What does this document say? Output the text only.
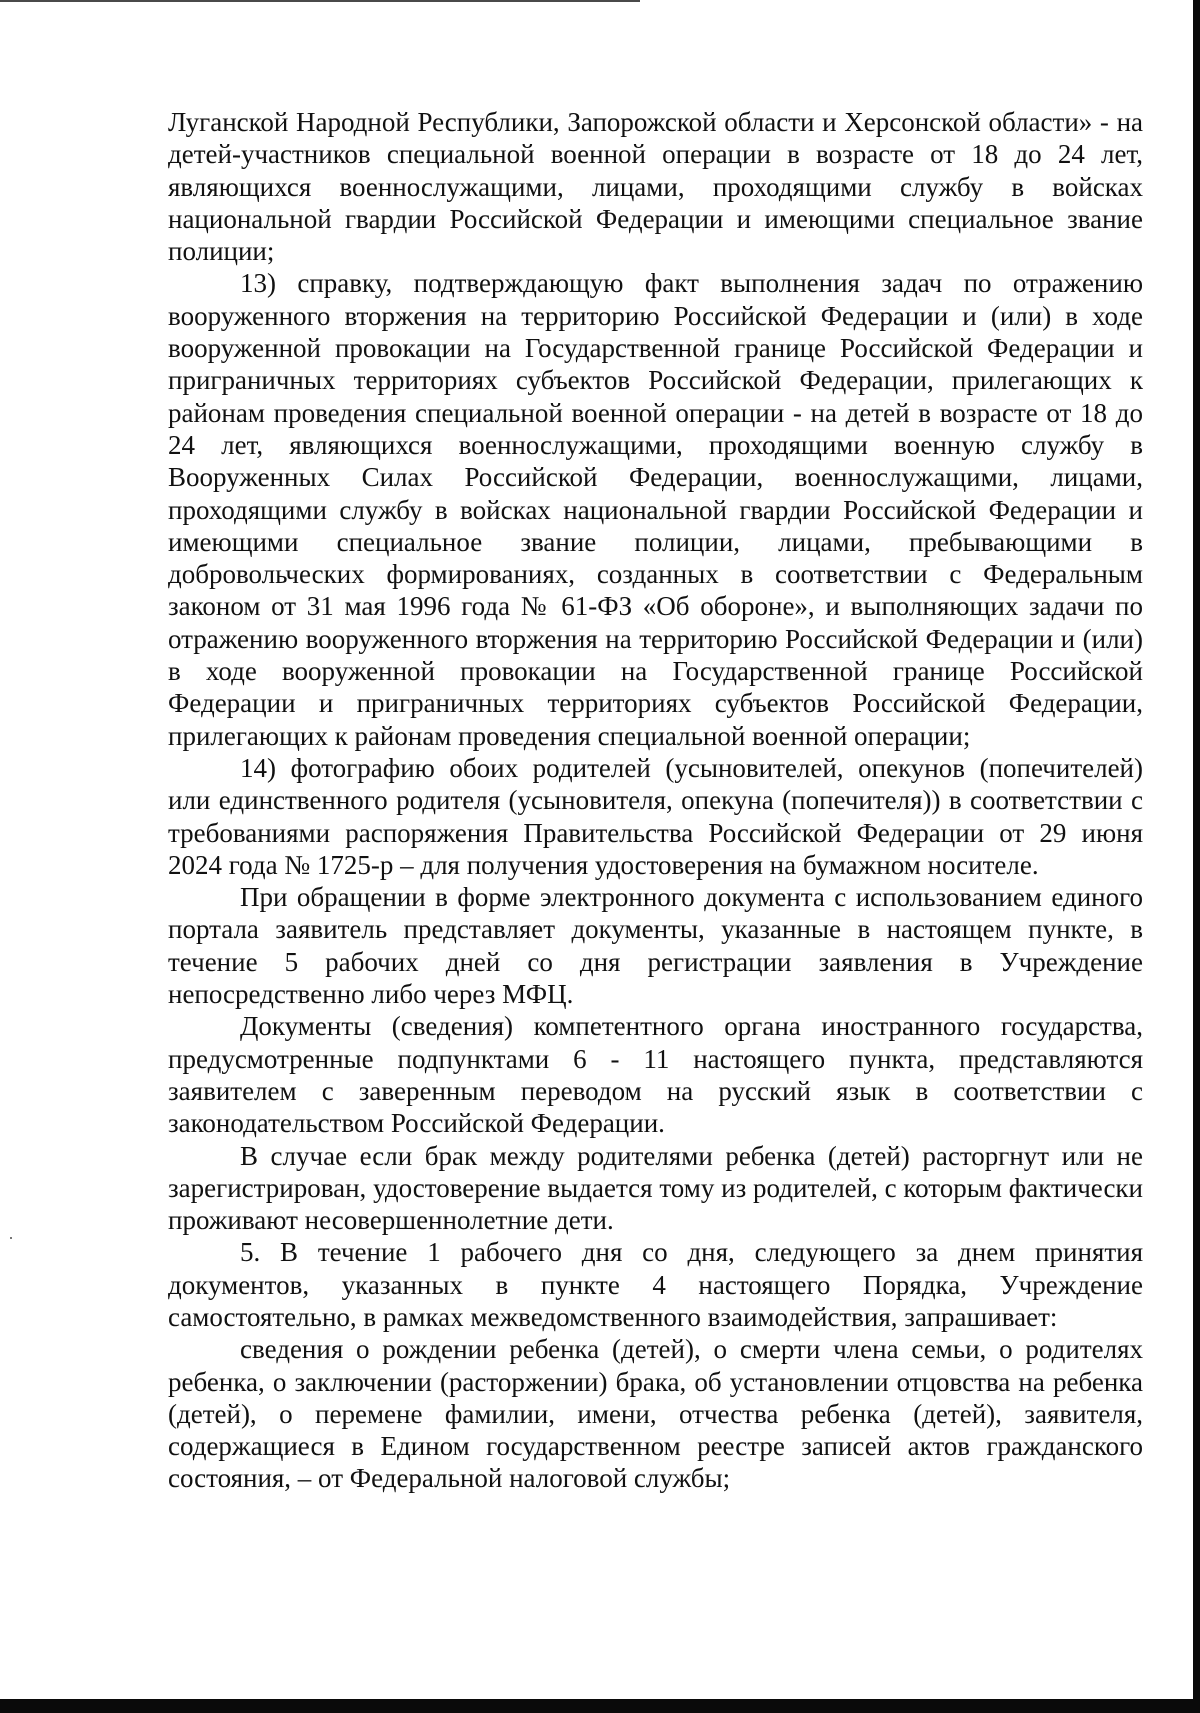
Луганской Народной Республики, Запорожской области и Херсонской области» - на детей-участников специальной военной операции в возрасте от 18 до 24 лет, являющихся военнослужащими, лицами, проходящими службу в войсках национальной гвардии Российской Федерации и имеющими специальное звание полиции;

13) справку, подтверждающую факт выполнения задач по отражению вооруженного вторжения на территорию Российской Федерации и (или) в ходе вооруженной провокации на Государственной границе Российской Федерации и приграничных территориях субъектов Российской Федерации, прилегающих к районам проведения специальной военной операции - на детей в возрасте от 18 до 24 лет, являющихся военнослужащими, проходящими военную службу в Вооруженных Силах Российской Федерации, военнослужащими, лицами, проходящими службу в войсках национальной гвардии Российской Федерации и имеющими специальное звание полиции, лицами, пребывающими в добровольческих формированиях, созданных в соответствии с Федеральным законом от 31 мая 1996 года № 61-ФЗ «Об обороне», и выполняющих задачи по отражению вооруженного вторжения на территорию Российской Федерации и (или) в ходе вооруженной провокации на Государственной границе Российской Федерации и приграничных территориях субъектов Российской Федерации, прилегающих к районам проведения специальной военной операции;

14) фотографию обоих родителей (усыновителей, опекунов (попечителей) или единственного родителя (усыновителя, опекуна (попечителя)) в соответствии с требованиями распоряжения Правительства Российской Федерации от 29 июня 2024 года № 1725-р – для получения удостоверения на бумажном носителе.

При обращении в форме электронного документа с использованием единого портала заявитель представляет документы, указанные в настоящем пункте, в течение 5 рабочих дней со дня регистрации заявления в Учреждение непосредственно либо через МФЦ.

Документы (сведения) компетентного органа иностранного государства, предусмотренные подпунктами 6 - 11 настоящего пункта, представляются заявителем с заверенным переводом на русский язык в соответствии с законодательством Российской Федерации.

В случае если брак между родителями ребенка (детей) расторгнут или не зарегистрирован, удостоверение выдается тому из родителей, с которым фактически проживают несовершеннолетние дети.

5. В течение 1 рабочего дня со дня, следующего за днем принятия документов, указанных в пункте 4 настоящего Порядка, Учреждение самостоятельно, в рамках межведомственного взаимодействия, запрашивает:

сведения о рождении ребенка (детей), о смерти члена семьи, о родителях ребенка, о заключении (расторжении) брака, об установлении отцовства на ребенка (детей), о перемене фамилии, имени, отчества ребенка (детей), заявителя, содержащиеся в Едином государственном реестре записей актов гражданского состояния, – от Федеральной налоговой службы;
